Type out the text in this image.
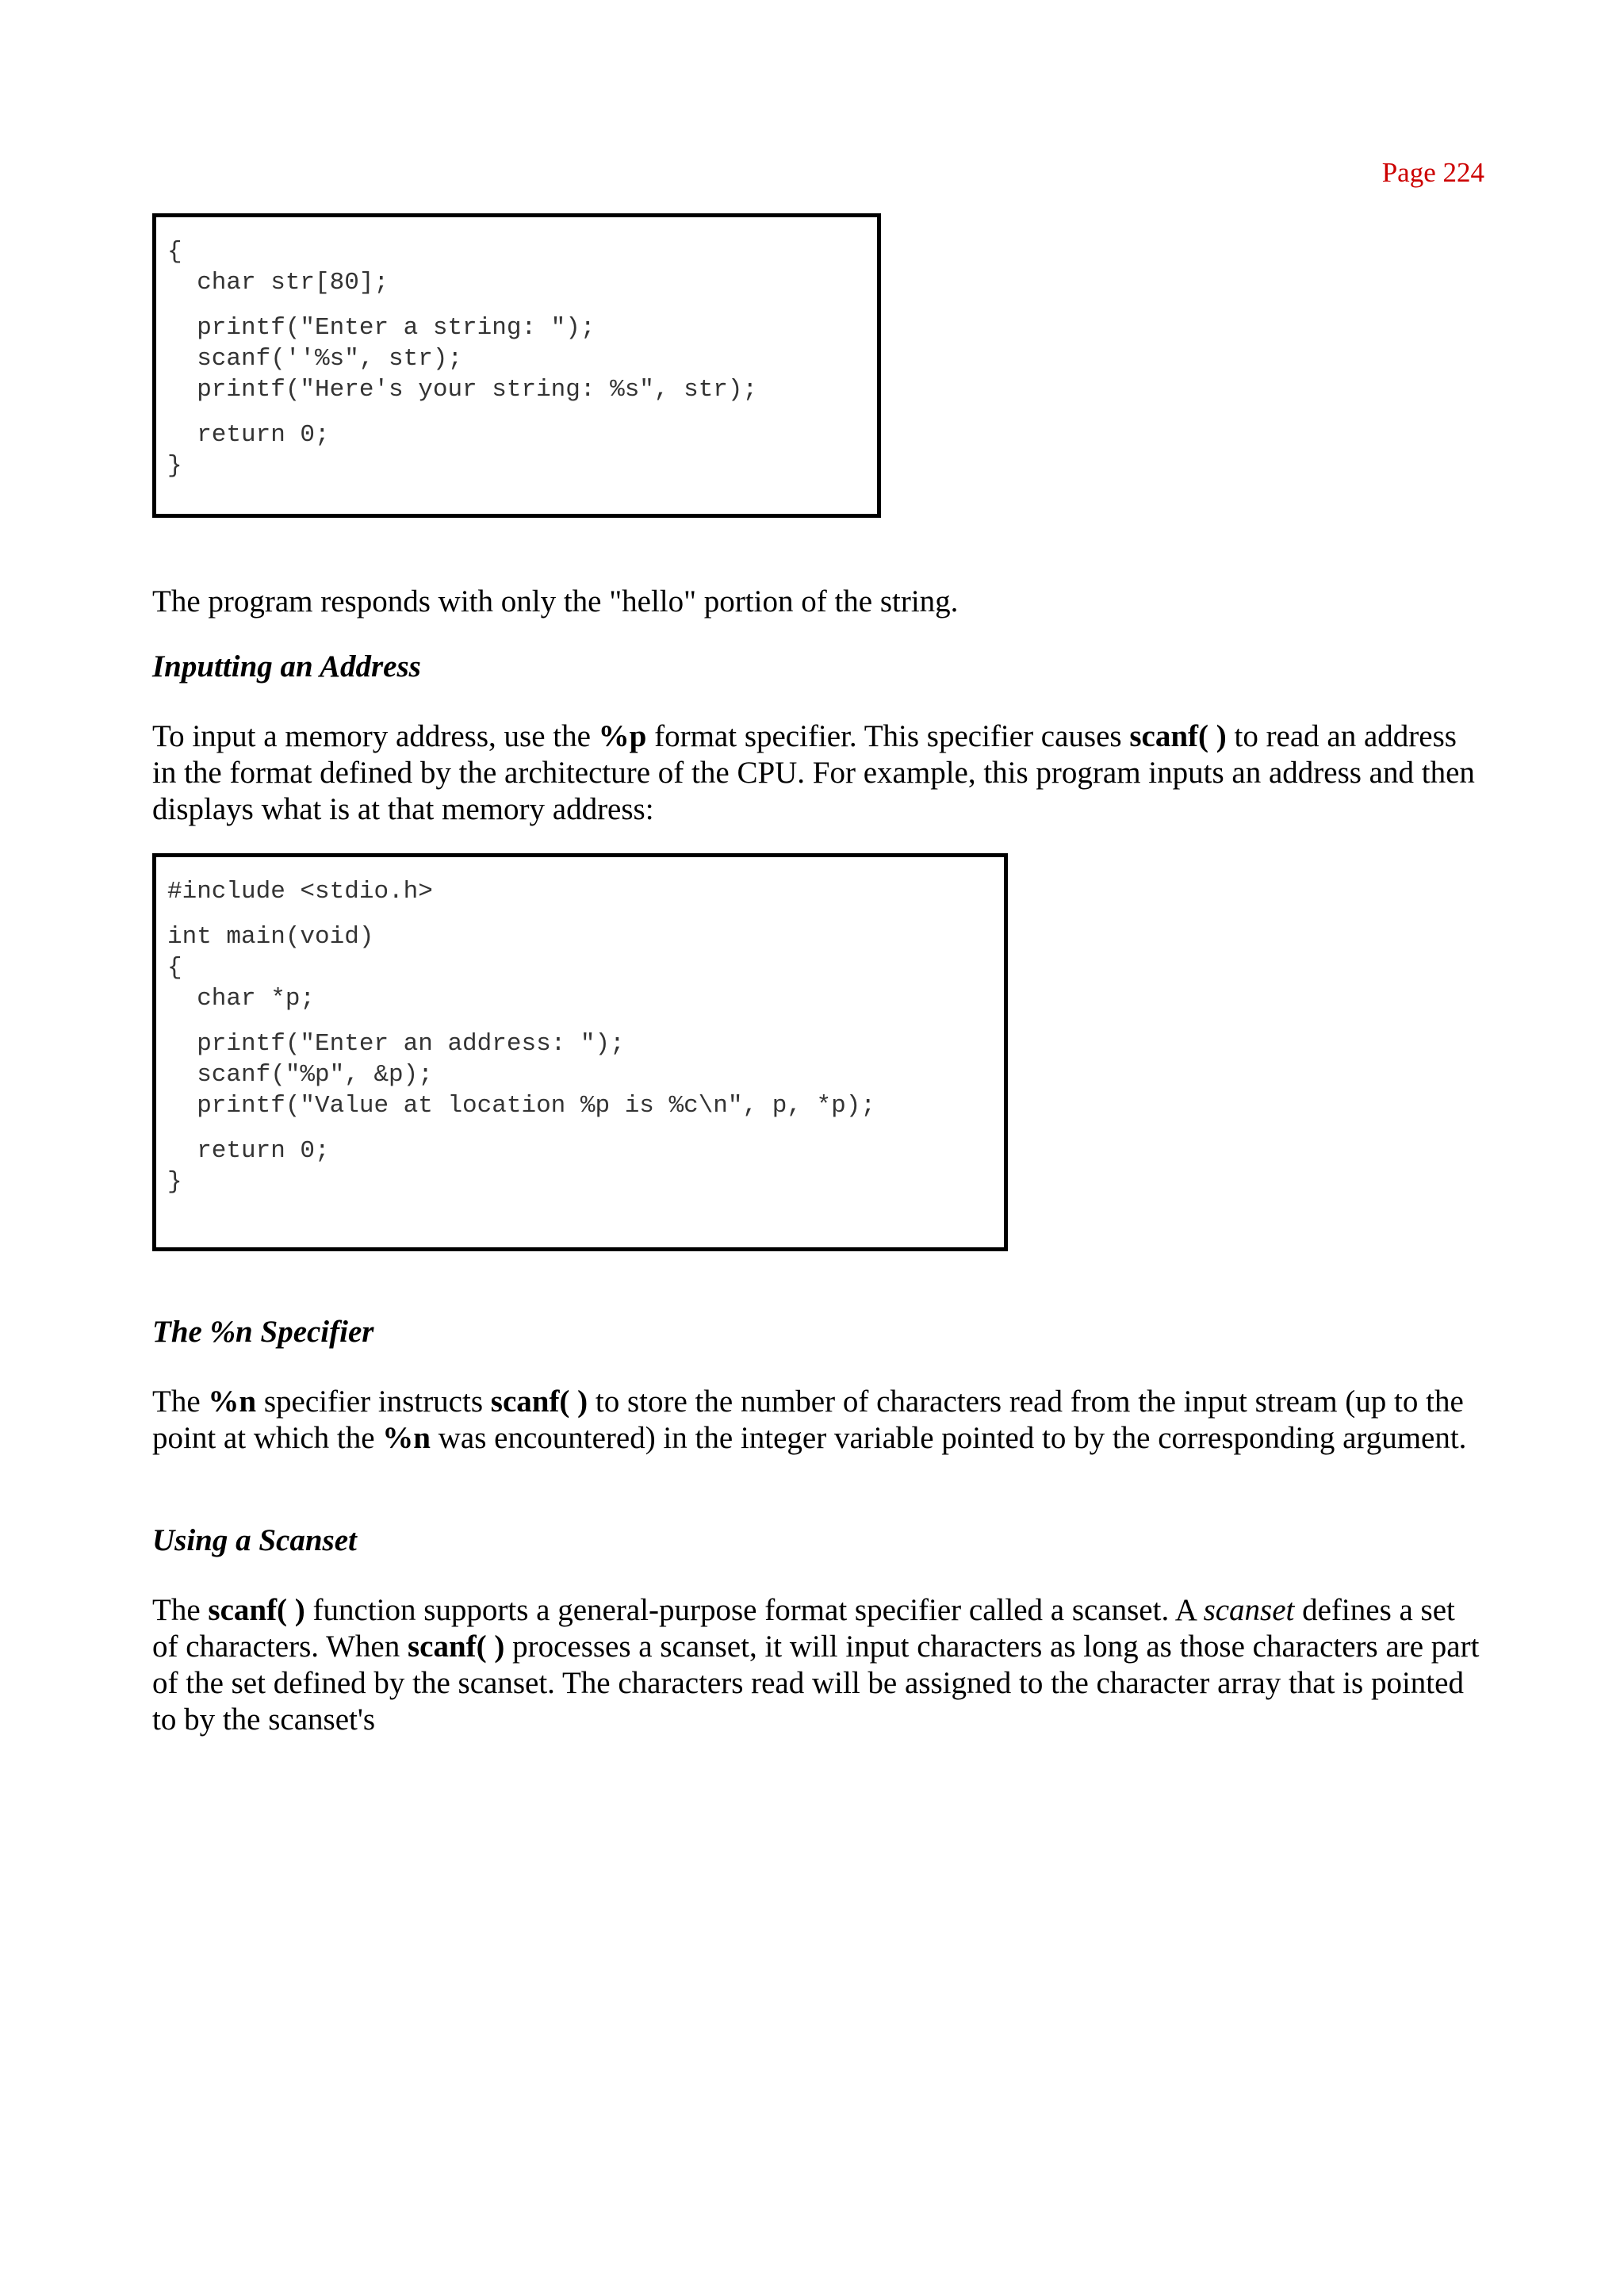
Page 224

{
char str[80];
printf("Enter a string: ");
scanf(''%s", str);
printf("Here's your string: %s", str);
return 0;
}

The program responds with only the "hello" portion of the string.

Inputting an Address

To input a memory address, use the %p format specifier. This specifier causes scanf( ) to read an address in the format defined by the architecture of the CPU. For example, this program inputs an address and then displays what is at that memory address:

#include <stdio.h>
int main(void)
{
char *p;
printf("Enter an address: ");
scanf("%p", &p);
printf("Value at location %p is %c\n", p, *p);
return 0;
}

The %n Specifier

The %n specifier instructs scanf( ) to store the number of characters read from the input stream (up to the point at which the %n was encountered) in the integer variable pointed to by the corresponding argument.

Using a Scanset

The scanf( ) function supports a general-purpose format specifier called a scanset. A scanset defines a set of characters. When scanf( ) processes a scanset, it will input characters as long as those characters are part of the set defined by the scanset. The characters read will be assigned to the character array that is pointed to by the scanset's
